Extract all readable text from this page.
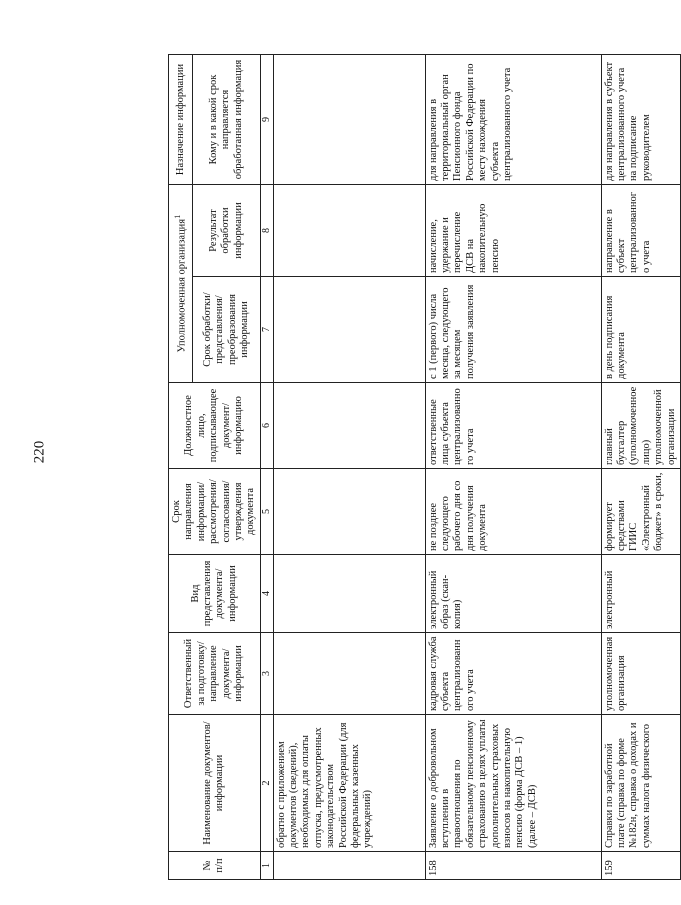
220
№ п/п	Наименование документов/ информации	Ответственный за подготовку/ направление документа/ информации	Вид представления документа/ информации	Срок направления информации/ рассмотрения/ согласования/ утверждения документа	Должностное лицо, подписывающее документ/ информацию	Уполномоченная организация$^1$		Назначение информации
						Срок обработки/ представления/ преобразования информации	Результат обработки информации	Кому и в какой срок направляется обработанная информация
1	2	3	4	5	6	7	8	9
	обратно с приложением документов (сведений), необходимых для оплаты отпуска, предусмотренных законодательством Российской Федерации (для федеральных казенных учреждений)							
158	Заявление о добровольном вступлении в правоотношения по обязательному пенсионному страхованию в целях уплаты дополнительных страховых взносов на накопительную пенсию (форма ДСВ – 1) (далее – ДСВ)	кадровая служба субъекта централизованного учета	электронный образ (скан-копия)	не позднее следующего рабочего дня со дня получения документа	ответственные лица субъекта централизованного учета	с 1 (первого) числа месяца, следующего за месяцем получения заявления	начисление, удержание и перечисление ДСВ на накопительную пенсию	для направления в территориальный орган Пенсионного фонда Российской Федерации по месту нахождения субъекта централизованного учета
159	Справки по заработной плате (справка по форме №182н, справка о доходах и суммах налога физического	уполномоченная организация	электронный	формирует средствами ГИИС «Электронный бюджет» в сроки,	главный бухгалтер (уполномоченное лицо) уполномоченной организации	в день подписания документа	направление в субъект централизованного учета	для направления в субъект централизованного учета на подписание руководителем
